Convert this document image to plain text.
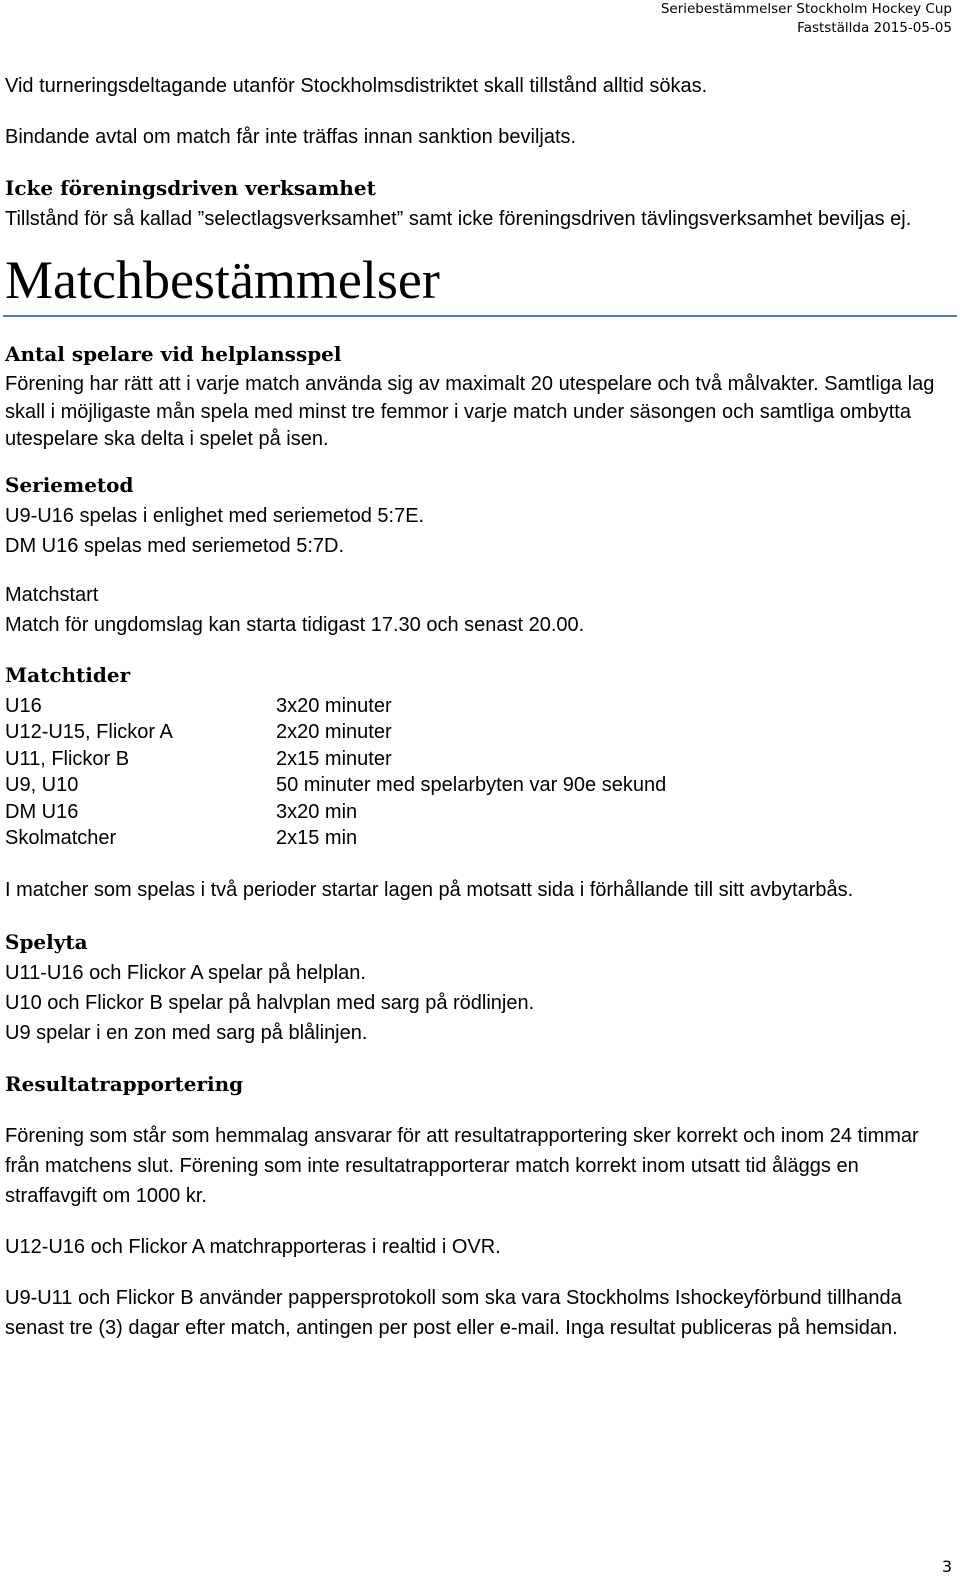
Seriebestämmelser Stockholm Hockey Cup
Fastställda 2015-05-05

Vid turneringsdeltagande utanför Stockholmsdistriktet skall tillstånd alltid sökas.

Bindande avtal om match får inte träffas innan sanktion beviljats.

Icke föreningsdriven verksamhet

Tillstånd för så kallad ”selectlagsverksamhet” samt icke föreningsdriven tävlingsverksamhet beviljas ej.

Matchbestämmelser
Antal spelare vid helplansspel

Förening har rätt att i varje match använda sig av maximalt 20 utespelare och två målvakter. Samtliga lag skall i möjligaste mån spela med minst tre femmor i varje match under säsongen och samtliga ombytta utespelare ska delta i spelet på isen.

Seriemetod

U9-U16 spelas i enlighet med seriemetod 5:7E.

DM U16 spelas med seriemetod 5:7D.

Matchstart

Match för ungdomslag kan starta tidigast 17.30 och senast 20.00.

Matchtider
U16	3x20 minuter
U12-U15, Flickor A	2x20 minuter
U11, Flickor B	2x15 minuter
U9, U10	50 minuter med spelarbyten var 90e sekund
DM U16	3x20 min
Skolmatcher	2x15 min

I matcher som spelas i två perioder startar lagen på motsatt sida i förhållande till sitt avbytarbås.

Spelyta

U11-U16 och Flickor A spelar på helplan.

U10 och Flickor B spelar på halvplan med sarg på rödlinjen.

U9 spelar i en zon med sarg på blålinjen.

Resultatrapportering

Förening som står som hemmalag ansvarar för att resultatrapportering sker korrekt och inom 24 timmar från matchens slut. Förening som inte resultatrapporterar match korrekt inom utsatt tid åläggs en straffavgift om 1000 kr.

U12-U16 och Flickor A matchrapporteras i realtid i OVR.

U9-U11 och Flickor B använder pappersprotokoll som ska vara Stockholms Ishockeyförbund tillhanda senast tre (3) dagar efter match, antingen per post eller e-mail. Inga resultat publiceras på hemsidan.

3
